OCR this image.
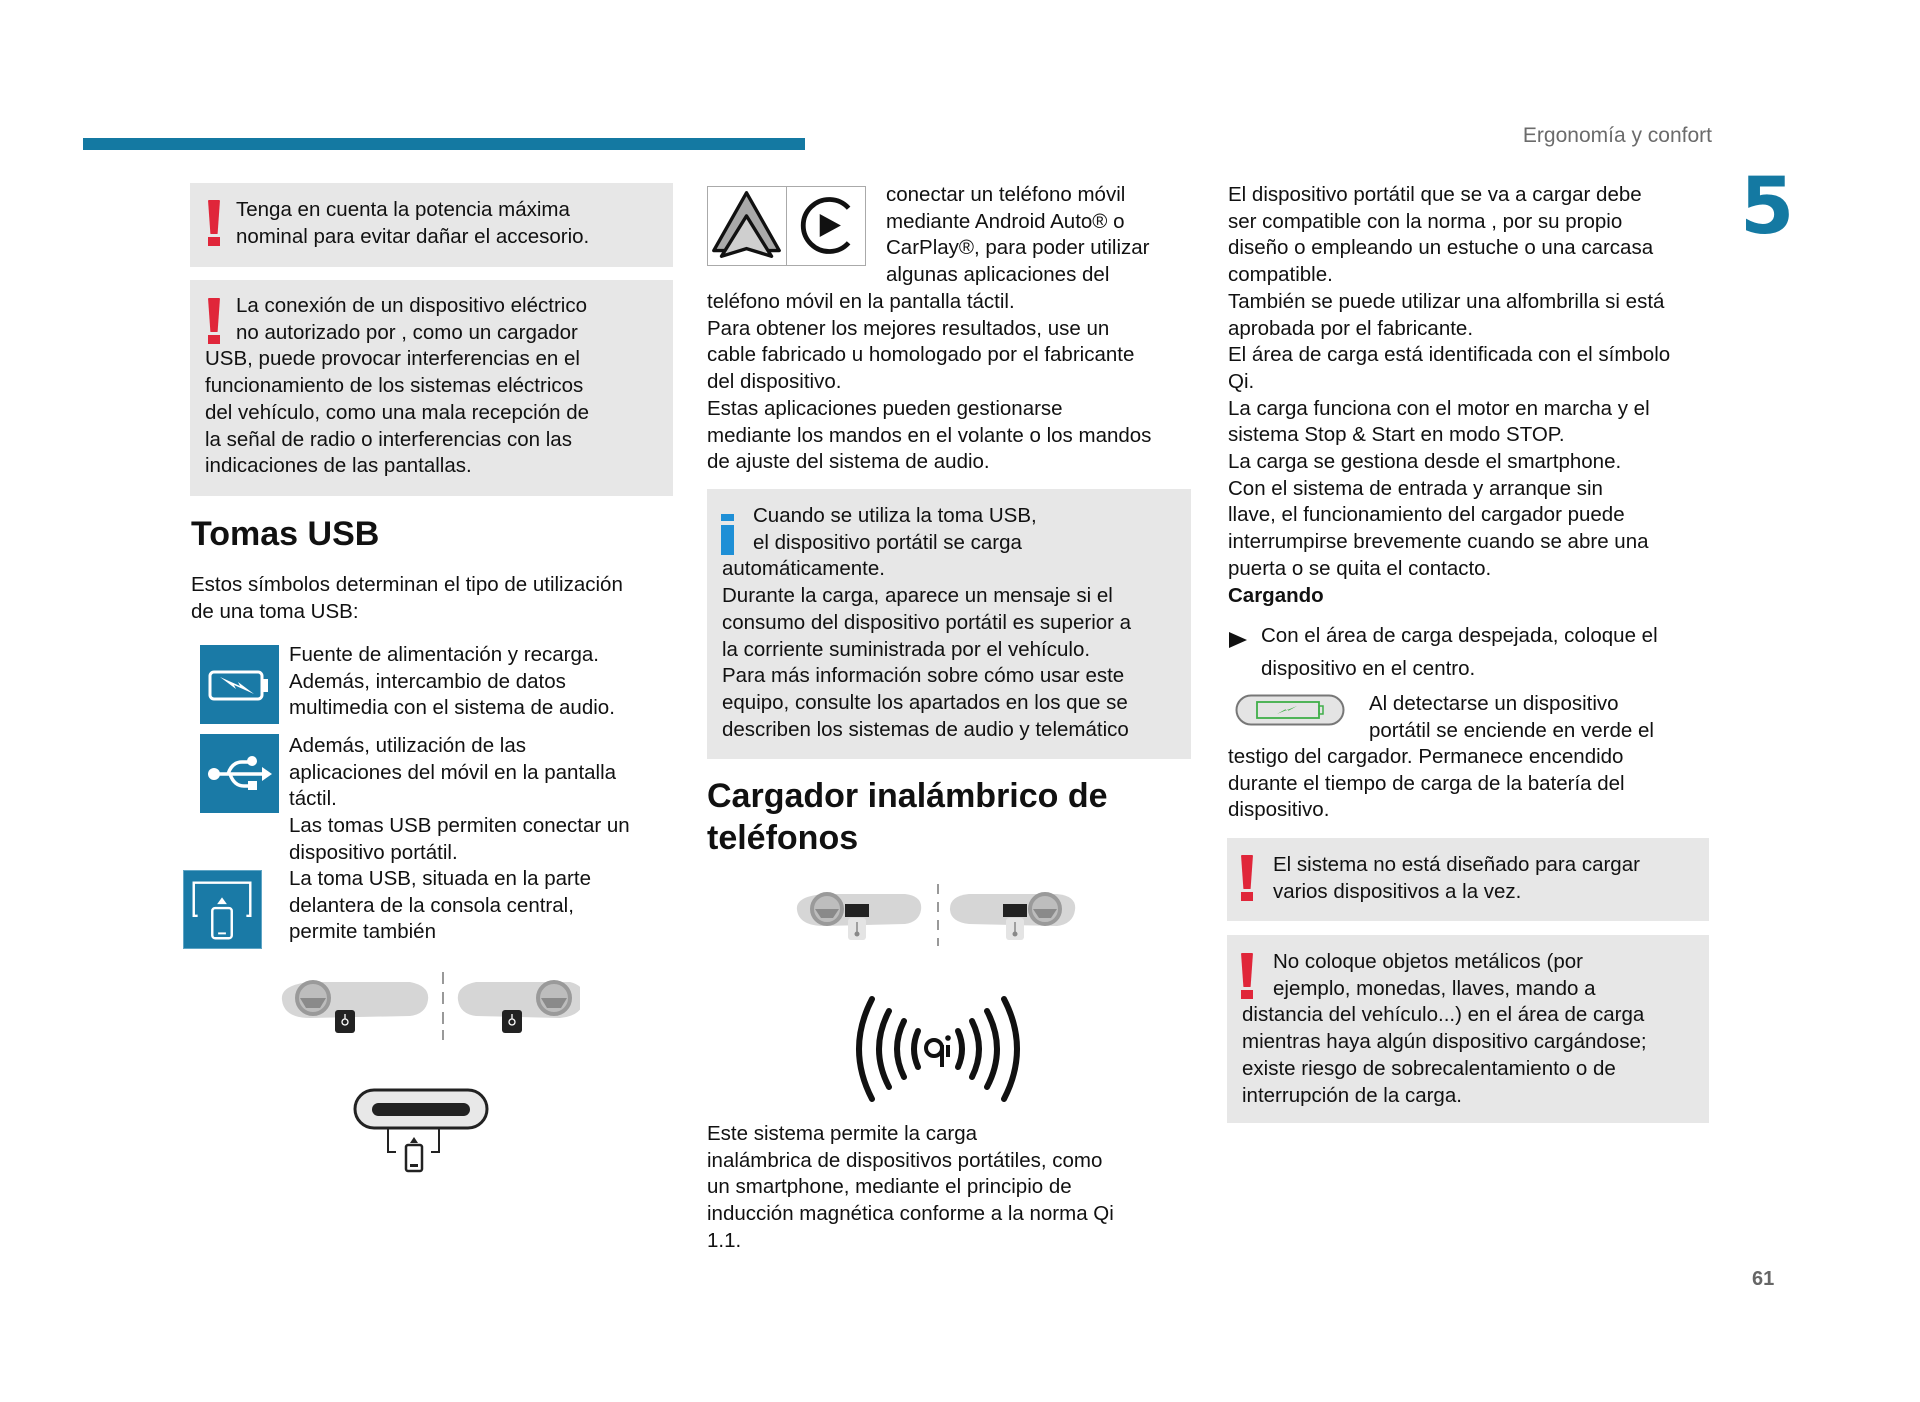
Ergonomía y confort
5

Tenga en cuenta la potencia máxima
nominal para evitar dañar el accesorio.

La conexión de un dispositivo eléctrico
no autorizado por , como un cargador
USB, puede provocar interferencias en el
funcionamiento de los sistemas eléctricos
del vehículo, como una mala recepción de
la señal de radio o interferencias con las
indicaciones de las pantallas.

Tomas USB

Estos símbolos determinan el tipo de utilización
de una toma USB:

Fuente de alimentación y recarga.
Además, intercambio de datos
multimedia con el sistema de audio.

Además, utilización de las
aplicaciones del móvil en la pantalla
táctil.
Las tomas USB permiten conectar un
dispositivo portátil.

La toma USB, situada en la parte
delantera de la consola central,
permite también

conectar un teléfono móvil
mediante Android Auto® o
CarPlay®, para poder utilizar
algunas aplicaciones del

teléfono móvil en la pantalla táctil.
Para obtener los mejores resultados, use un
cable fabricado u homologado por el fabricante
del dispositivo.
Estas aplicaciones pueden gestionarse
mediante los mandos en el volante o los mandos
de ajuste del sistema de audio.

Cuando se utiliza la toma USB,
el dispositivo portátil se carga
automáticamente.
Durante la carga, aparece un mensaje si el
consumo del dispositivo portátil es superior a
la corriente suministrada por el vehículo.
Para más información sobre cómo usar este
equipo, consulte los apartados en los que se
describen los sistemas de audio y telemático

Cargador inalámbrico de
teléfonos

Este sistema permite la carga
inalámbrica de dispositivos portátiles, como
un smartphone, mediante el principio de
inducción magnética conforme a la norma Qi
1.1.

El dispositivo portátil que se va a cargar debe
ser compatible con la norma , por su propio
diseño o empleando un estuche o una carcasa
compatible.
También se puede utilizar una alfombrilla si está
aprobada por el fabricante.
El área de carga está identificada con el símbolo
Qi.
La carga funciona con el motor en marcha y el
sistema Stop & Start en modo STOP.
La carga se gestiona desde el smartphone.
Con el sistema de entrada y arranque sin
llave, el funcionamiento del cargador puede
interrumpirse brevemente cuando se abre una
puerta o se quita el contacto.
Cargando

Con el área de carga despejada, coloque el
dispositivo en el centro.

Al detectarse un dispositivo
portátil se enciende en verde el

testigo del cargador. Permanece encendido
durante el tiempo de carga de la batería del
dispositivo.

El sistema no está diseñado para cargar
varios dispositivos a la vez.

No coloque objetos metálicos (por
ejemplo, monedas, llaves, mando a
distancia del vehículo...) en el área de carga
mientras haya algún dispositivo cargándose;
existe riesgo de sobrecalentamiento o de
interrupción de la carga.

61
